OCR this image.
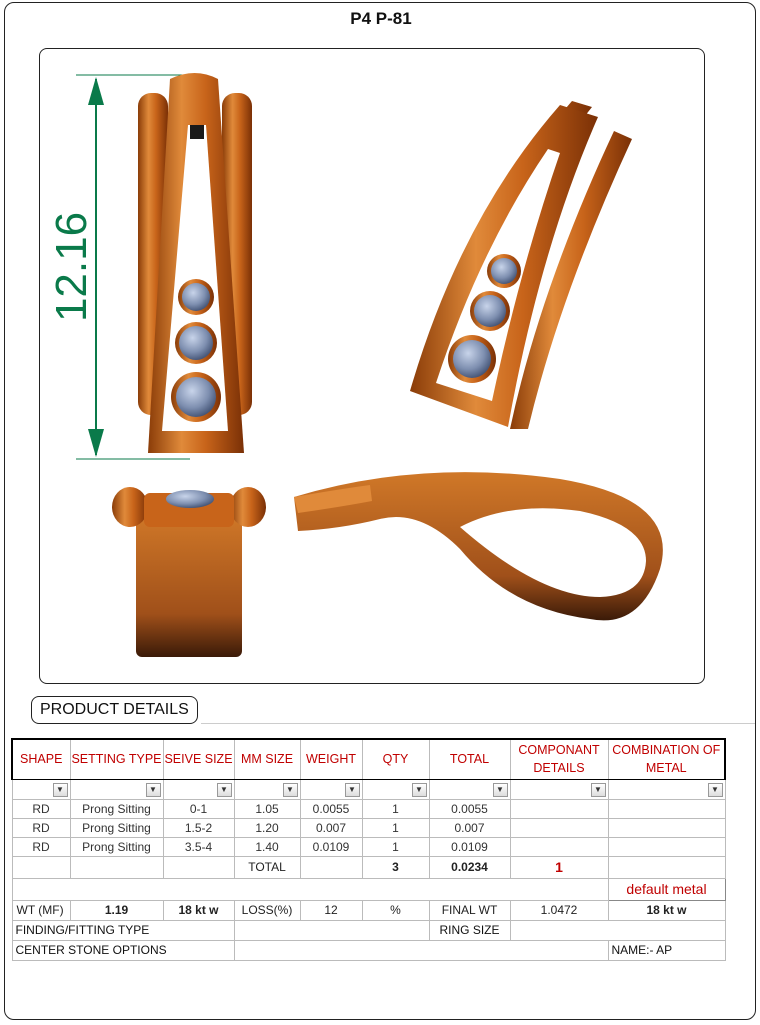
P4 P-81
12.16
PRODUCT DETAILS
SHAPE	SETTING TYPE	SEIVE SIZE	MM SIZE	WEIGHT	QTY	TOTAL	COMPONANT DETAILS	COMBINATION OF METAL

▼	▼	▼	▼	▼	▼	▼	▼	▼

RD	Prong Sitting	0-1	1.05	0.0055	1	0.0055		
RD	Prong Sitting	1.5-2	1.20	0.007	1	0.007		
RD	Prong Sitting	3.5-4	1.40	0.0109	1	0.0109		
			TOTAL		3	0.0234	1	
								default metal
WT (MF)	1.19	18 kt w	LOSS(%)	12	%	FINAL WT	1.0472	18 kt w
FINDING/FITTING TYPE						RING SIZE		
CENTER STONE OPTIONS								NAME:- AP
